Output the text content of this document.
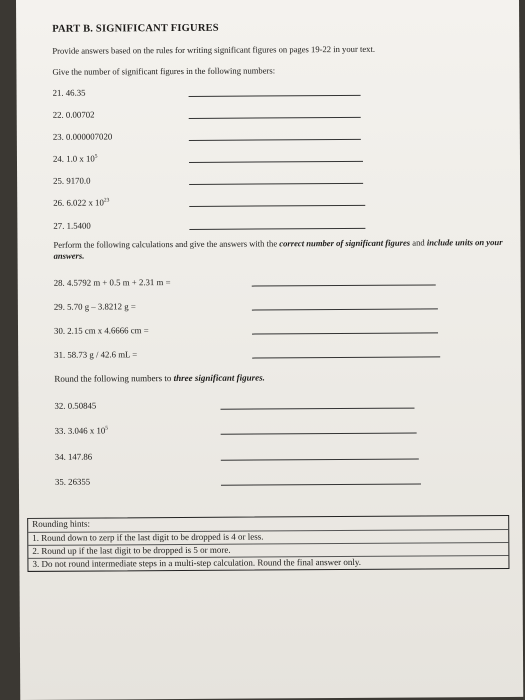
PART B. SIGNIFICANT FIGURES
Provide answers based on the rules for writing significant figures on pages 19-22 in your text.
Give the number of significant figures in the following numbers:
21. 46.35
22. 0.00702
23. 0.000007020
24. 1.0 x $10^5$
25. 9170.0
26. 6.022 x $10^{23}$
27. 1.5400
Perform the following calculations and give the answers with the correct number of significant figures and include units on your answers.
28. 4.5792 m + 0.5 m + 2.31 m =
29. 5.70 g – 3.8212 g =
30. 2.15 cm x 4.6666 cm =
31. 58.73 g / 42.6 mL =
Round the following numbers to three significant figures.
32. 0.50845
33. 3.046 x $10^5$
34. 147.86
35. 26355
Rounding hints:
1. Round down to zerp if the last digit to be dropped is 4 or less.
2. Round up if the last digit to be dropped is 5 or more.
3. Do not round intermediate steps in a multi-step calculation. Round the final answer only.
